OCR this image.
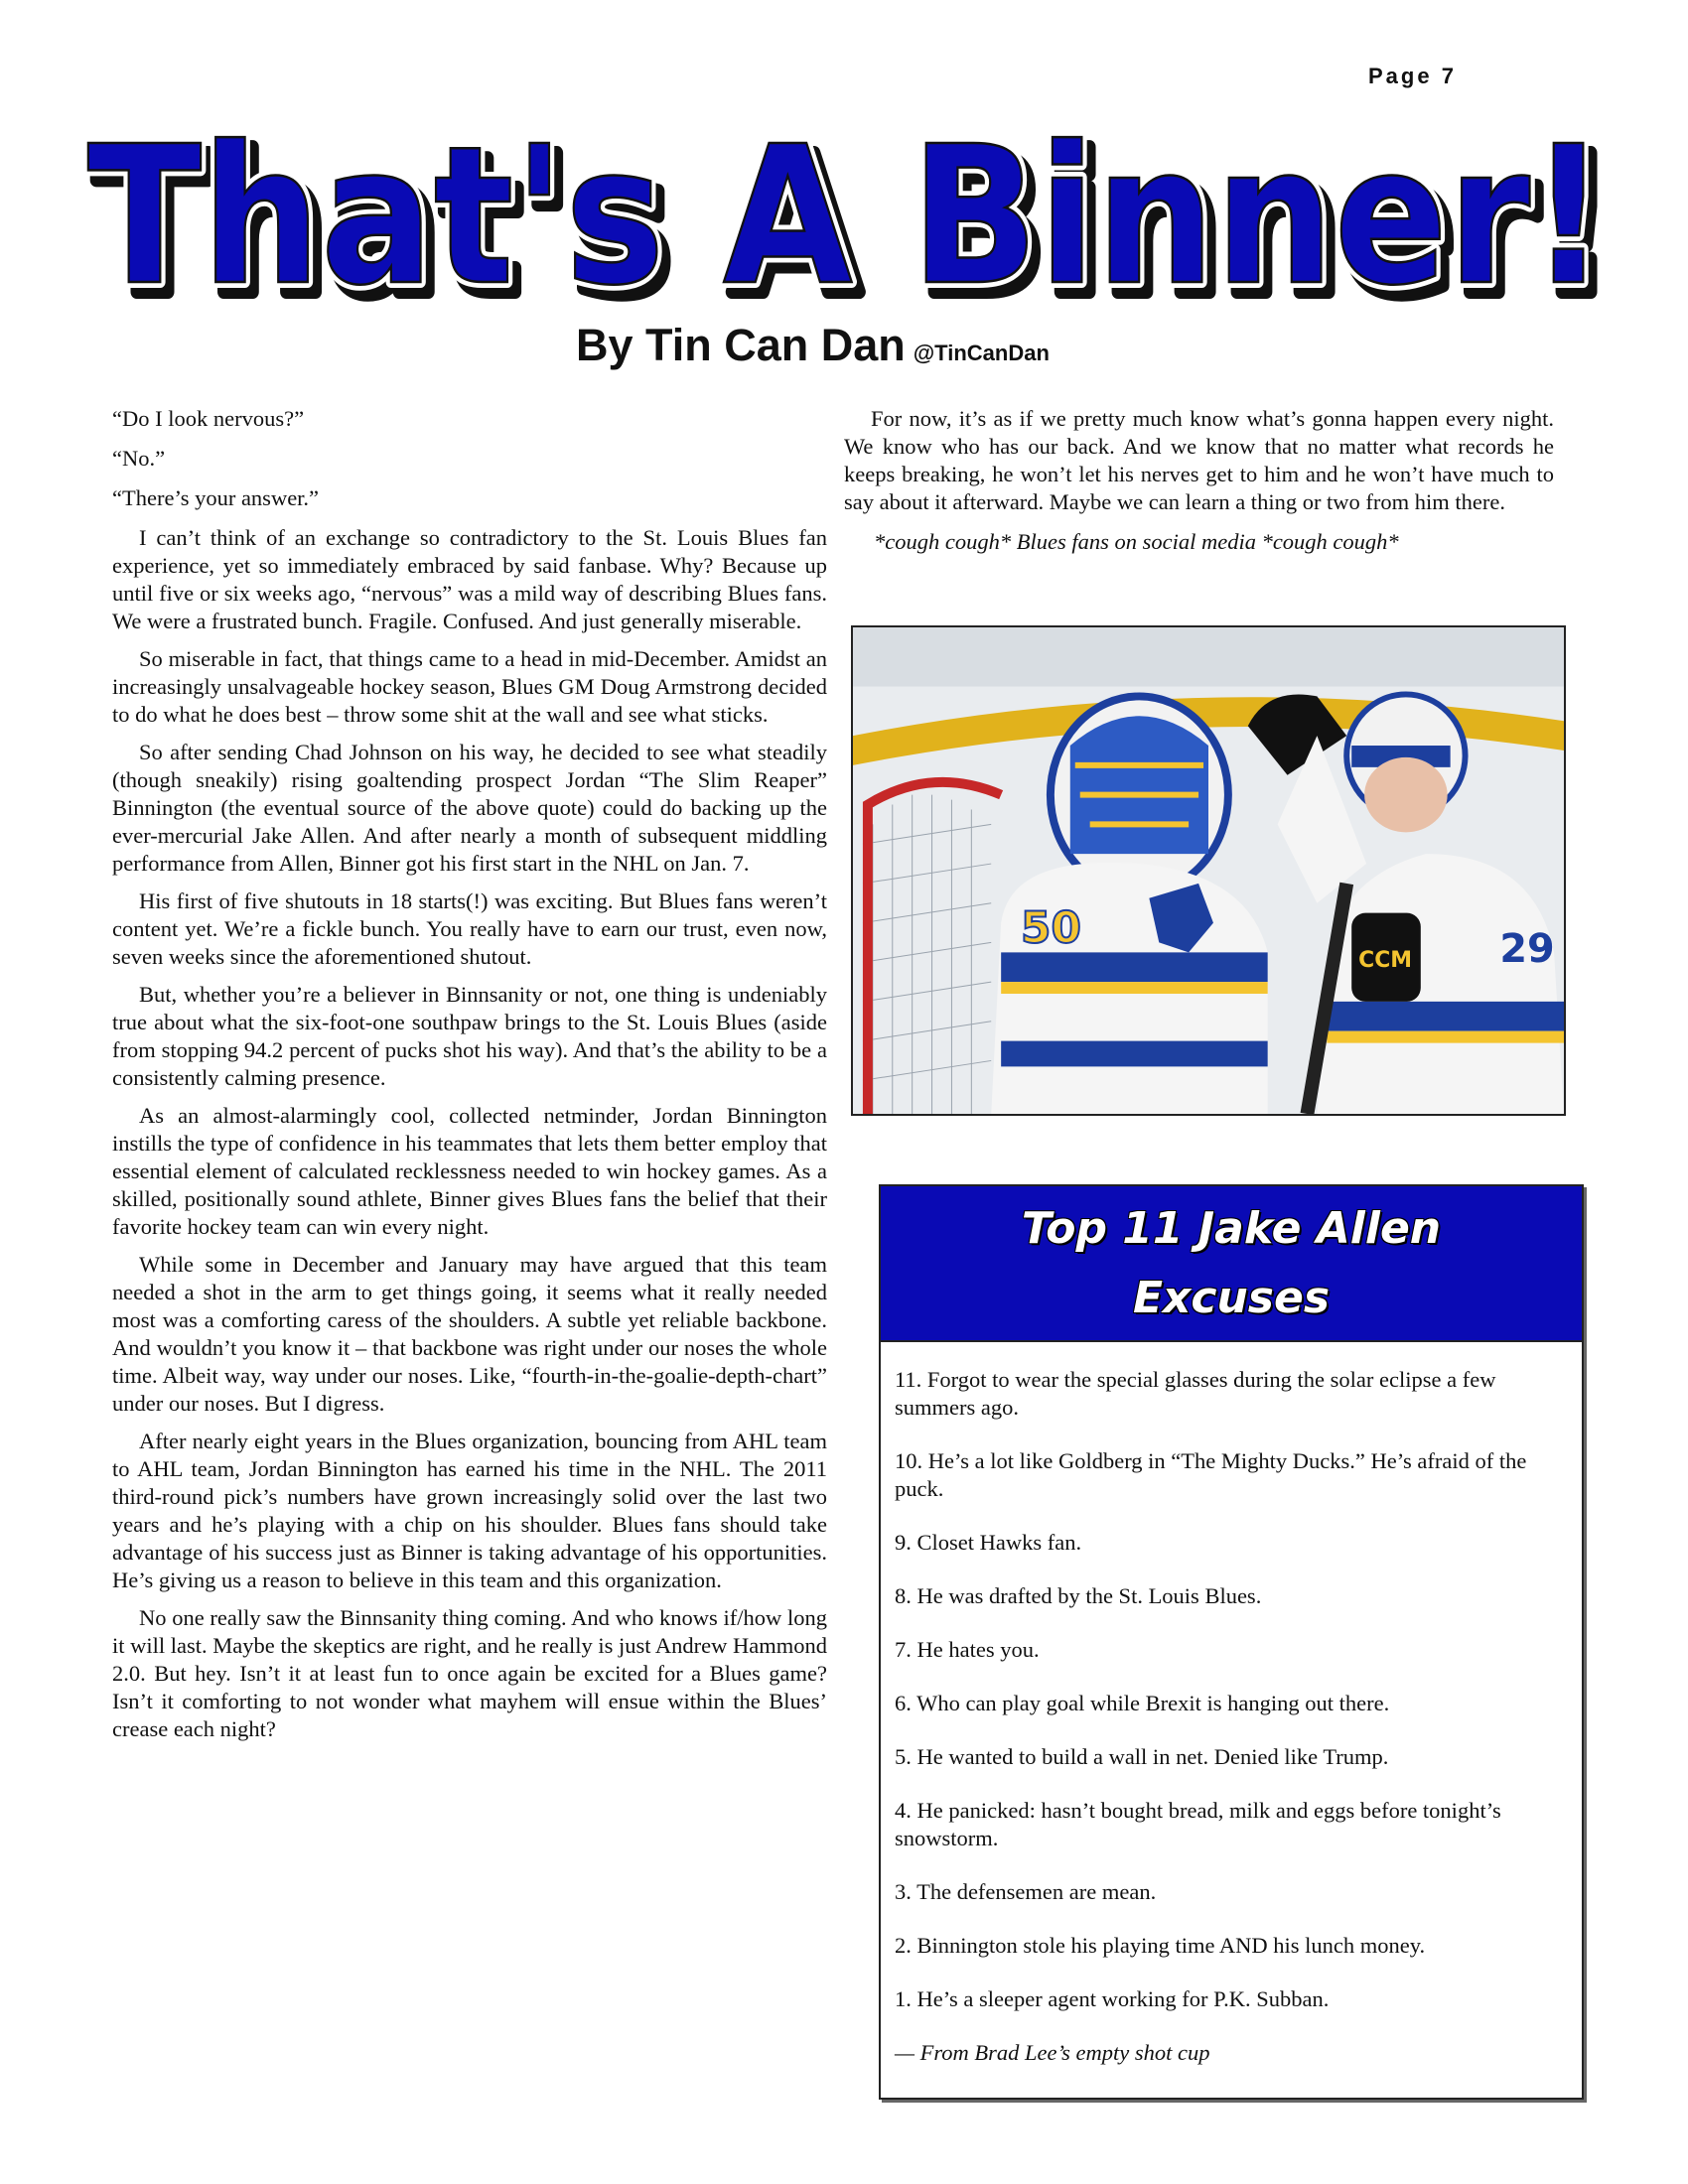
Page 7
That's A Binner!
That's A Binner!
That's A Binner!
By Tin Can Dan @TinCanDan

“Do I look nervous?”

“No.”

“There’s your answer.”

I can’t think of an exchange so contradictory to the St. Louis Blues fan experience, yet so immediately embraced by said fanbase. Why? Because up until five or six weeks ago, “nervous” was a mild way of describing Blues fans. We were a frustrated bunch. Fragile. Confused. And just generally miserable.

So miserable in fact, that things came to a head in mid-December. Amidst an increasingly unsalvageable hockey season, Blues GM Doug Armstrong decided to do what he does best – throw some shit at the wall and see what sticks.

So after sending Chad Johnson on his way, he decided to see what steadily (though sneakily) rising goaltending prospect Jordan “The Slim Reaper” Binnington (the eventual source of the above quote) could do backing up the ever-mercurial Jake Allen. And after nearly a month of subsequent middling performance from Allen, Binner got his first start in the NHL on Jan. 7.

His first of five shutouts in 18 starts(!) was exciting. But Blues fans weren’t content yet. We’re a fickle bunch. You really have to earn our trust, even now, seven weeks since the aforementioned shutout.

But, whether you’re a believer in Binnsanity or not, one thing is undeniably true about what the six-foot-one southpaw brings to the St. Louis Blues (aside from stopping 94.2 percent of pucks shot his way). And that’s the ability to be a consistently calming presence.

As an almost-alarmingly cool, collected netminder, Jordan Binnington instills the type of confidence in his teammates that lets them better employ that essential element of calculated recklessness needed to win hockey games. As a skilled, positionally sound athlete, Binner gives Blues fans the belief that their favorite hockey team can win every night.

While some in December and January may have argued that this team needed a shot in the arm to get things going, it seems what it really needed most was a comforting caress of the shoulders. A subtle yet reliable backbone. And wouldn’t you know it – that backbone was right under our noses the whole time. Albeit way, way under our noses. Like, “fourth-in-the-goalie-depth-chart” under our noses. But I digress.

After nearly eight years in the Blues organization, bouncing from AHL team to AHL team, Jordan Binnington has earned his time in the NHL. The 2011 third-round pick’s numbers have grown increasingly solid over the last two years and he’s playing with a chip on his shoulder. Blues fans should take advantage of his success just as Binner is taking advantage of his opportunities. He’s giving us a reason to believe in this team and this organization.

No one really saw the Binnsanity thing coming. And who knows if/how long it will last. Maybe the skeptics are right, and he really is just Andrew Hammond 2.0. But hey. Isn’t it at least fun to once again be excited for a Blues game? Isn’t it comforting to not wonder what mayhem will ensue within the Blues’ crease each night?

For now, it’s as if we pretty much know what’s gonna happen every night. We know who has our back. And we know that no matter what records he keeps breaking, he won’t let his nerves get to him and he won’t have much to say about it afterward. Maybe we can learn a thing or two from him there.

*cough cough* Blues fans on social media *cough cough*

50	29
CCM
Top 11 Jake Allen
Excuses
11. Forgot to wear the special glasses during the solar eclipse a few summers ago.
10. He’s a lot like Goldberg in “The Mighty Ducks.” He’s afraid of the puck.
9. Closet Hawks fan.
8. He was drafted by the St. Louis Blues.
7. He hates you.
6. Who can play goal while Brexit is hanging out there.
5. He wanted to build a wall in net. Denied like Trump.
4. He panicked: hasn’t bought bread, milk and eggs before tonight’s snowstorm.
3. The defensemen are mean.
2. Binnington stole his playing time AND his lunch money.
1. He’s a sleeper agent working for P.K. Subban.

— From Brad Lee’s empty shot cup
